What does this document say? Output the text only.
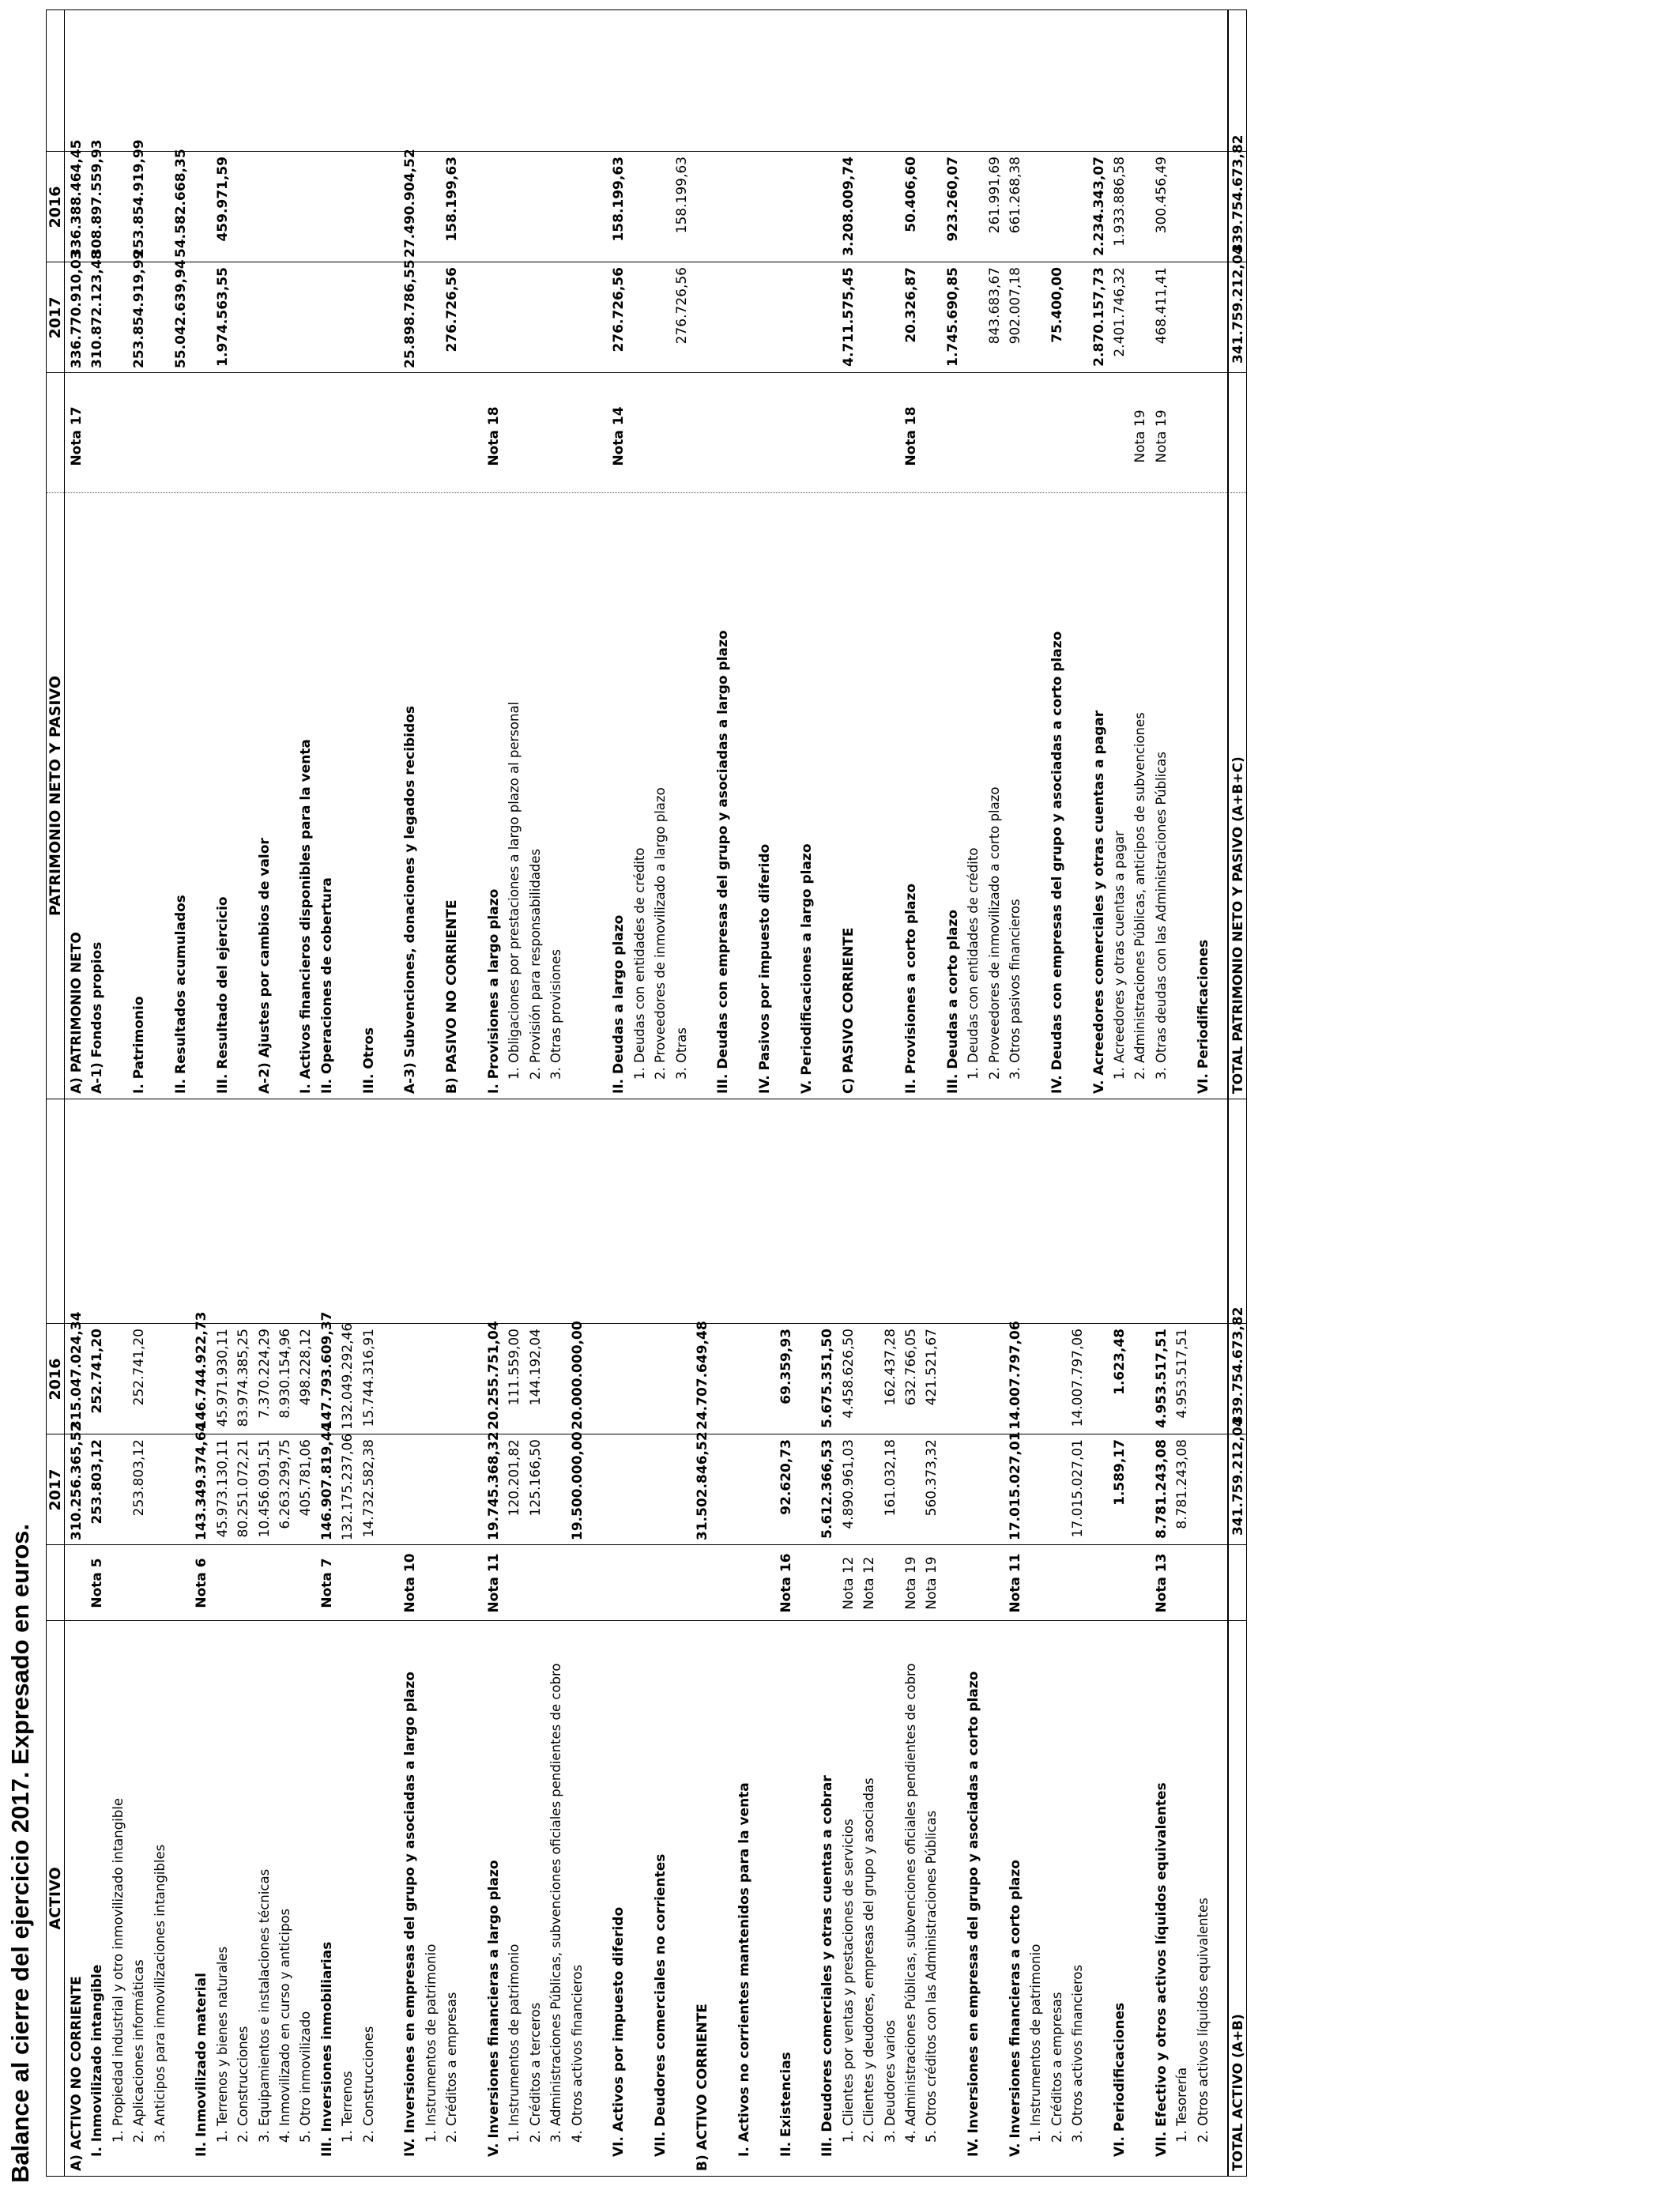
Balance al cierre del ejercicio 2017. Expresado en euros. ACTIVO
2017
2016
A) ACTIVO NO CORRIENTE
310.256.365,52
315.047.024,34
I. Inmovilizado intangible
Nota 5
253.803,12
252.741,20
1. Propiedad industrial y otro inmovilizado intangible 2. Aplicaciones informáticas
253.803,12
252.741,20
3. Anticipos para inmovilizaciones intangibles II. Inmovilizado material
Nota 6
143.349.374,64
146.744.922,73
1. Terrenos y bienes naturales
45.973.130,11
45.971.930,11
2. Construcciones
80.251.072,21
83.974.385,25
3. Equipamientos e instalaciones técnicas
10.456.091,51
7.370.224,29
4. Inmovilizado en curso y anticipos
6.263.299,75
8.930.154,96
5. Otro inmovilizado
405.781,06
498.228,12
III. Inversiones inmobiliarias
Nota 7
146.907.819,44
147.793.609,37
1. Terrenos
132.175.237,06
132.049.292,46
2. Construcciones
14.732.582,38
15.744.316,91
IV. Inversiones en empresas del grupo y asociadas a largo plazo
Nota 10
1. Instrumentos de patrimonio 2. Créditos a empresas V. Inversiones financieras a largo plazo
Nota 11
19.745.368,32
20.255.751,04
1. Instrumentos de patrimonio
120.201,82
111.559,00
2. Créditos a terceros
125.166,50
144.192,04
3. Administraciones Públicas, subvenciones oficiales pendientes de cobro 4. Otros activos financieros
19.500.000,00
20.000.000,00
VI. Activos por impuesto diferido VII. Deudores comerciales no corrientes B) ACTIVO CORRIENTE
31.502.846,52
24.707.649,48
I. Activos no corrientes mantenidos para la venta II. Existencias
Nota 16
92.620,73
69.359,93
III. Deudores comerciales y otras cuentas a cobrar
5.612.366,53
5.675.351,50
1. Clientes por ventas y prestaciones de servicios
Nota 12
4.890.961,03
4.458.626,50
2. Clientes y deudores, empresas del grupo y asociadas
Nota 12
3. Deudores varios
161.032,18
162.437,28
4. Administraciones Públicas, subvenciones oficiales pendientes de cobro
Nota 19
632.766,05
5. Otros créditos con las Administraciones Públicas
Nota 19
560.373,32
421.521,67
IV. Inversiones en empresas del grupo y asociadas a corto plazo V. Inversiones financieras a corto plazo
Nota 11
17.015.027,01
14.007.797,06
1. Instrumentos de patrimonio 2. Créditos a empresas 3. Otros activos financieros
17.015.027,01
14.007.797,06
VI. Periodificaciones
1.589,17
1.623,48
VII. Efectivo y otros activos líquidos equivalentes
Nota 13
8.781.243,08
4.953.517,51
1. Tesorería
8.781.243,08
4.953.517,51
2. Otros activos líquidos equivalentes TOTAL ACTIVO (A+B)
341.759.212,04
339.754.673,82
PATRIMONIO NETO Y PASIVO
2017
2016
A) PATRIMONIO NETO
Nota 17
336.770.910,03
336.388.464,45
A-1) Fondos propios
310.872.123,48
308.897.559,93
I. Patrimonio
253.854.919,99
253.854.919,99
II. Resultados acumulados
55.042.639,94
54.582.668,35
III. Resultado del ejercicio
1.974.563,55
459.971,59
A-2) Ajustes por cambios de valor I. Activos financieros disponibles para la venta II. Operaciones de cobertura III. Otros A-3) Subvenciones, donaciones y legados recibidos
25.898.786,55
27.490.904,52
B) PASIVO NO CORRIENTE
276.726,56
158.199,63
I. Provisiones a largo plazo
Nota 18
1. Obligaciones por prestaciones a largo plazo al personal 2. Provisión para responsabilidades 3. Otras provisiones	II. Deudas a largo plazo
Nota 14
276.726,56
158.199,63
1. Deudas con entidades de crédito 2. Proveedores de inmovilizado a largo plazo 3. Otras
276.726,56
158.199,63
III. Deudas con empresas del grupo y asociadas a largo plazo IV. Pasivos por impuesto diferido V. Periodificaciones a largo plazo C) PASIVO CORRIENTE
4.711.575,45
3.208.009,74
II. Provisiones a corto plazo
Nota 18
20.326,87
50.406,60
III. Deudas a corto plazo
1.745.690,85
923.260,07
1. Deudas con entidades de crédito 2. Proveedores de inmovilizado a corto plazo
843.683,67
261.991,69
3. Otros pasivos financieros
902.007,18
661.268,38
IV. Deudas con empresas del grupo y asociadas a corto plazo
75.400,00
V. Acreedores comerciales y otras cuentas a pagar
2.870.157,73
2.234.343,07
1. Acreedores y otras cuentas a pagar
2.401.746,32
1.933.886,58
2. Administraciones Públicas, anticipos de subvenciones
Nota 19
3. Otras deudas con las Administraciones Públicas
Nota 19
468.411,41
300.456,49
VI. Periodificaciones TOTAL PATRIMONIO NETO Y PASIVO (A+B+C)
341.759.212,04
339.754.673,82
